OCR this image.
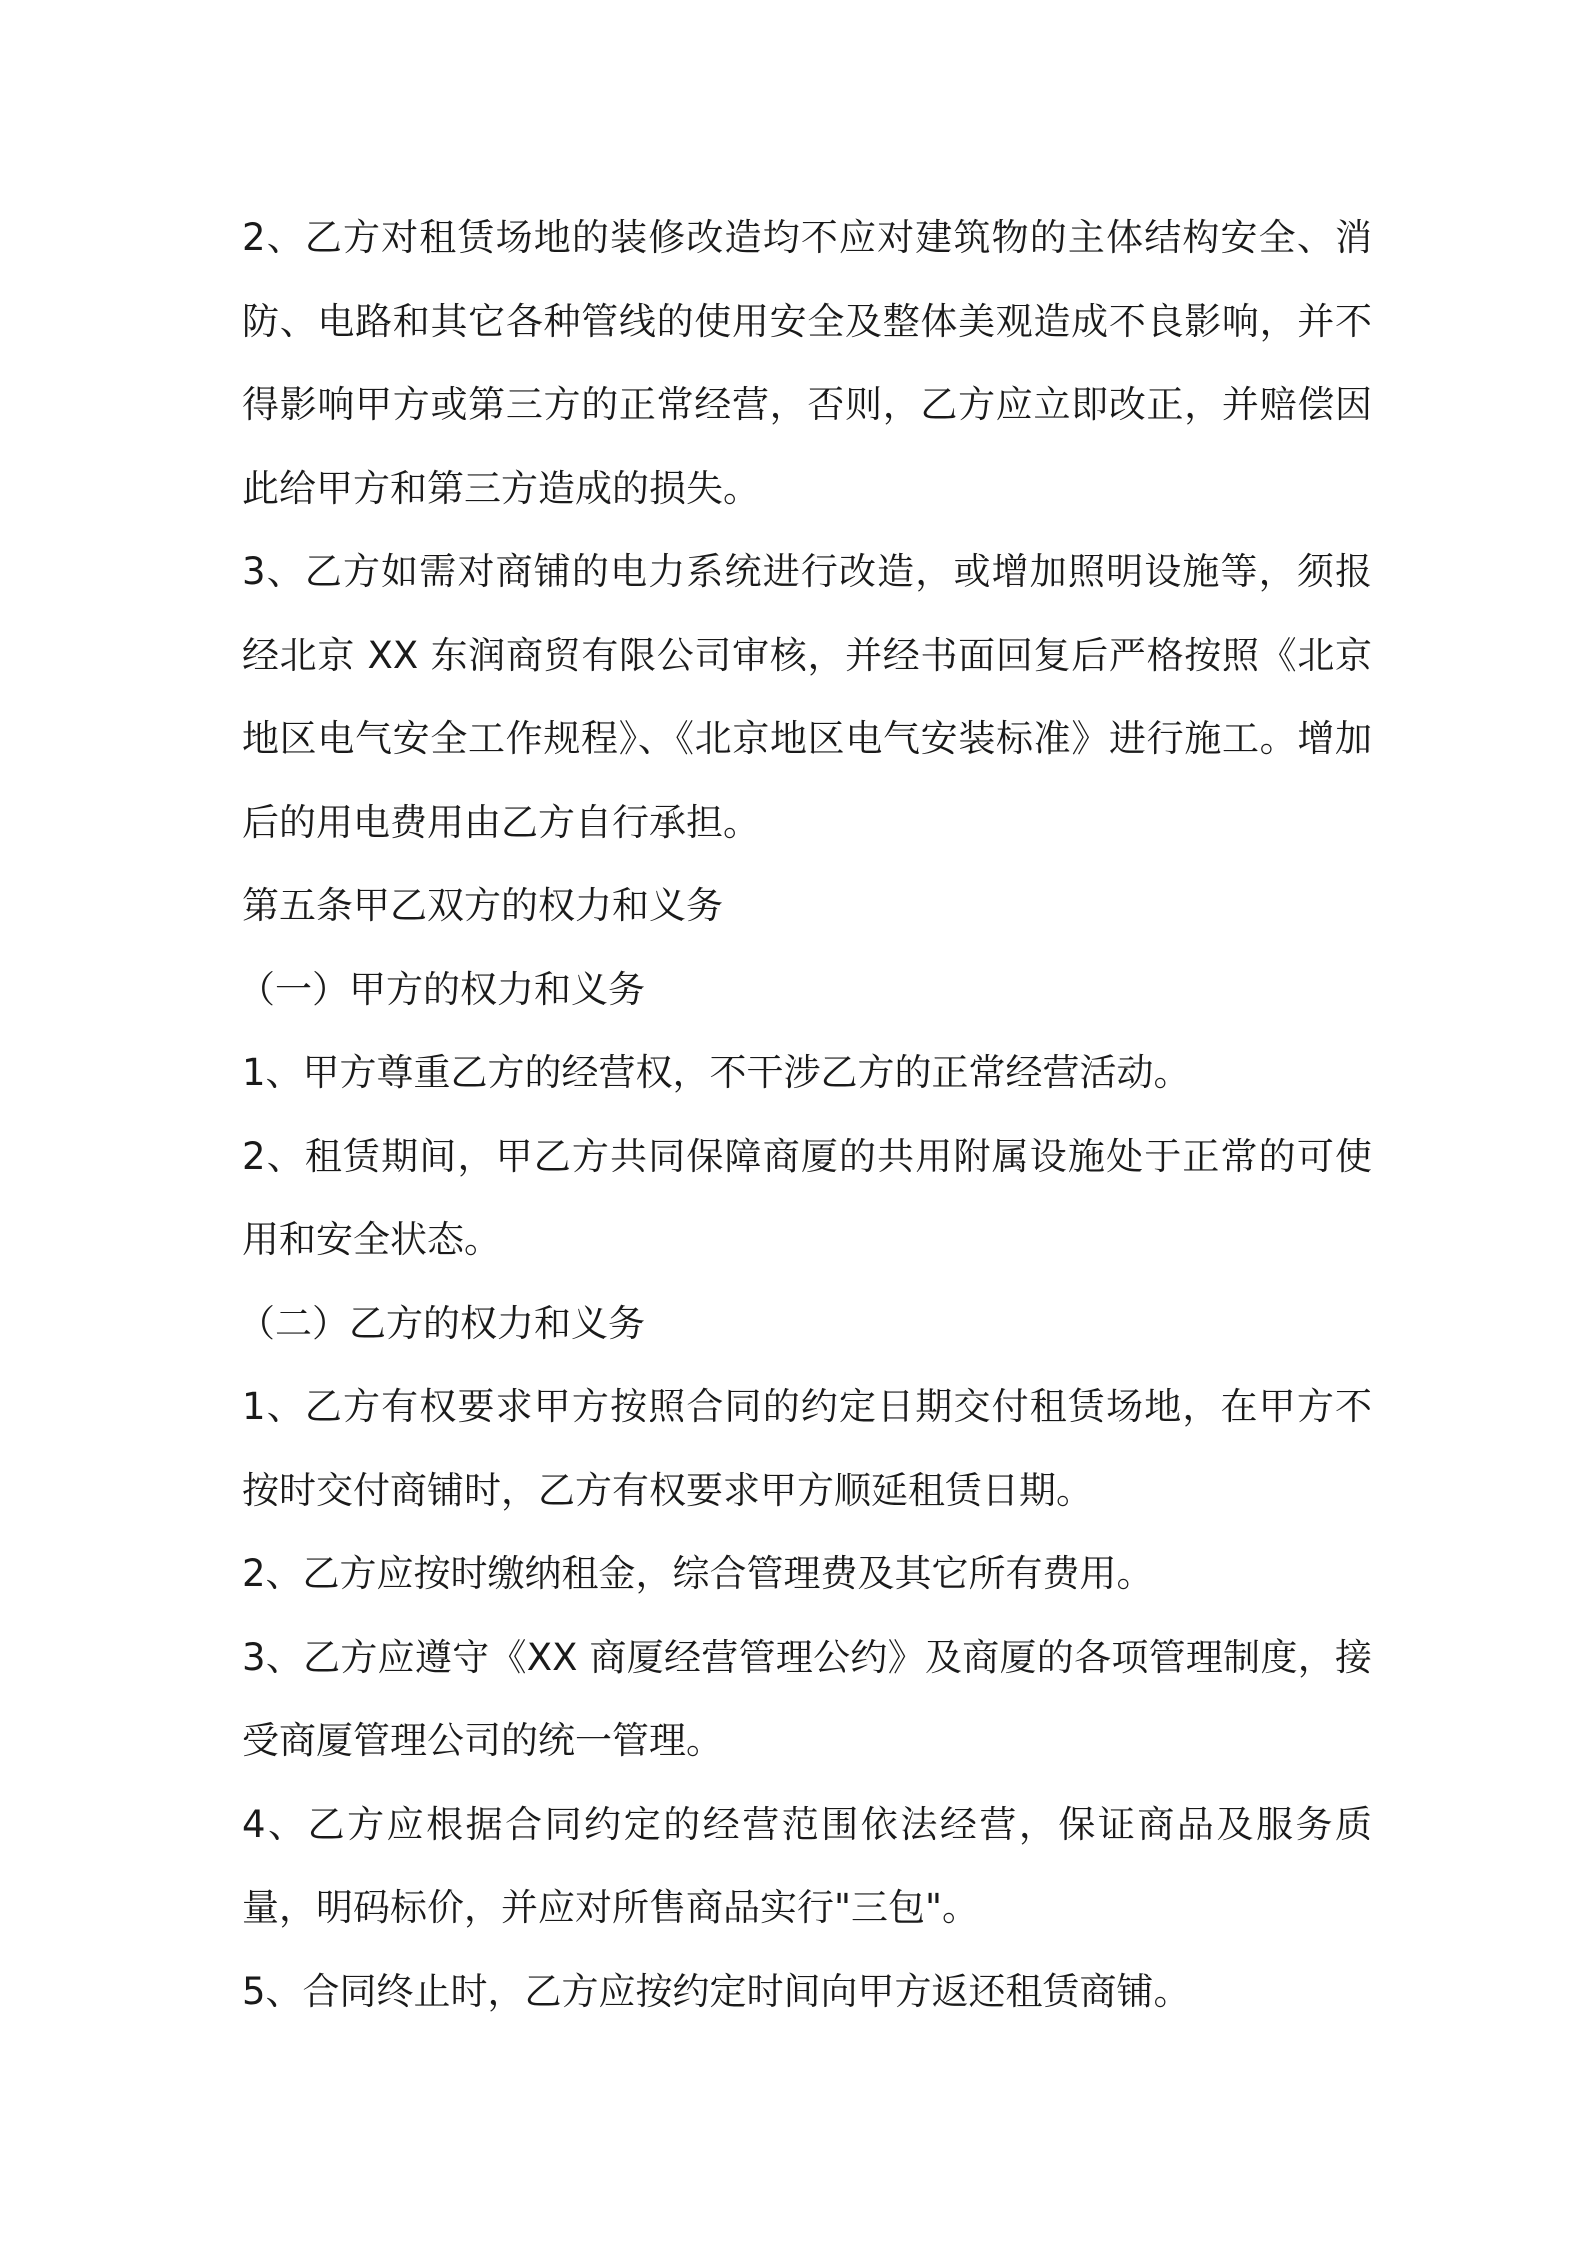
2、乙方对租赁场地的装修改造均不应对建筑物的主体结构安全、消防、电路和其它各种管线的使用安全及整体美观造成不良影响，并不得影响甲方或第三方的正常经营，否则，乙方应立即改正，并赔偿因此给甲方和第三方造成的损失。

3、乙方如需对商铺的电力系统进行改造，或增加照明设施等，须报经北京 XX 东润商贸有限公司审核，并经书面回复后严格按照《北京地区电气安全工作规程》、《北京地区电气安装标准》进行施工。增加后的用电费用由乙方自行承担。

第五条甲乙双方的权力和义务

（一）甲方的权力和义务

1、甲方尊重乙方的经营权，不干涉乙方的正常经营活动。

2、租赁期间，甲乙方共同保障商厦的共用附属设施处于正常的可使用和安全状态。

（二）乙方的权力和义务

1、乙方有权要求甲方按照合同的约定日期交付租赁场地，在甲方不按时交付商铺时，乙方有权要求甲方顺延租赁日期。

2、乙方应按时缴纳租金，综合管理费及其它所有费用。

3、乙方应遵守《XX 商厦经营管理公约》及商厦的各项管理制度，接受商厦管理公司的统一管理。

4、乙方应根据合同约定的经营范围依法经营，保证商品及服务质量，明码标价，并应对所售商品实行"三包"。

5、合同终止时，乙方应按约定时间向甲方返还租赁商铺。
